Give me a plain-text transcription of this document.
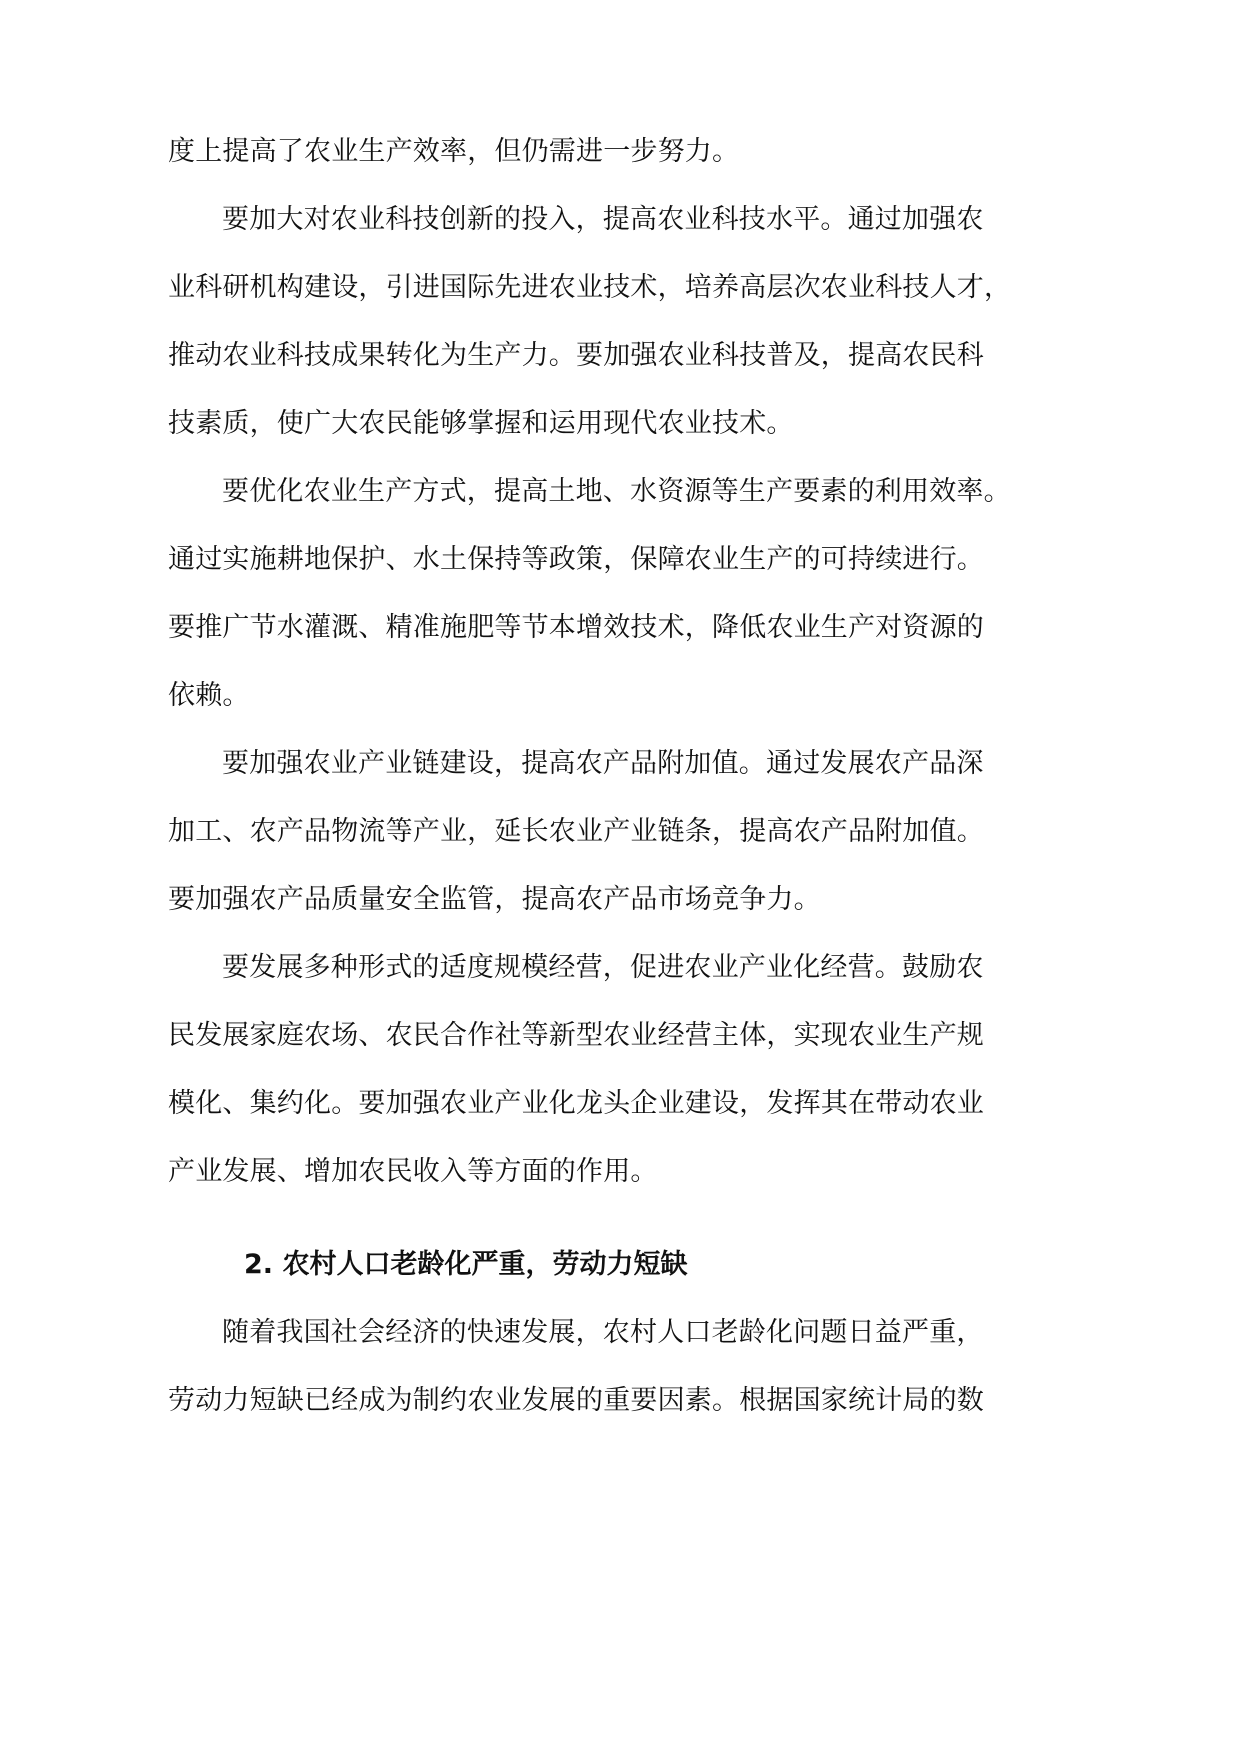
度上提高了农业生产效率，但仍需进一步努力。
要加大对农业科技创新的投入，提高农业科技水平。通过加强农
业科研机构建设，引进国际先进农业技术，培养高层次农业科技人才，
推动农业科技成果转化为生产力。要加强农业科技普及，提高农民科
技素质，使广大农民能够掌握和运用现代农业技术。
要优化农业生产方式，提高土地、水资源等生产要素的利用效率。
通过实施耕地保护、水土保持等政策，保障农业生产的可持续进行。
要推广节水灌溉、精准施肥等节本增效技术，降低农业生产对资源的
依赖。
要加强农业产业链建设，提高农产品附加值。通过发展农产品深
加工、农产品物流等产业，延长农业产业链条，提高农产品附加值。
要加强农产品质量安全监管，提高农产品市场竞争力。
要发展多种形式的适度规模经营，促进农业产业化经营。鼓励农
民发展家庭农场、农民合作社等新型农业经营主体，实现农业生产规
模化、集约化。要加强农业产业化龙头企业建设，发挥其在带动农业
产业发展、增加农民收入等方面的作用。
2. 农村人口老龄化严重，劳动力短缺
随着我国社会经济的快速发展，农村人口老龄化问题日益严重，
劳动力短缺已经成为制约农业发展的重要因素。根据国家统计局的数
